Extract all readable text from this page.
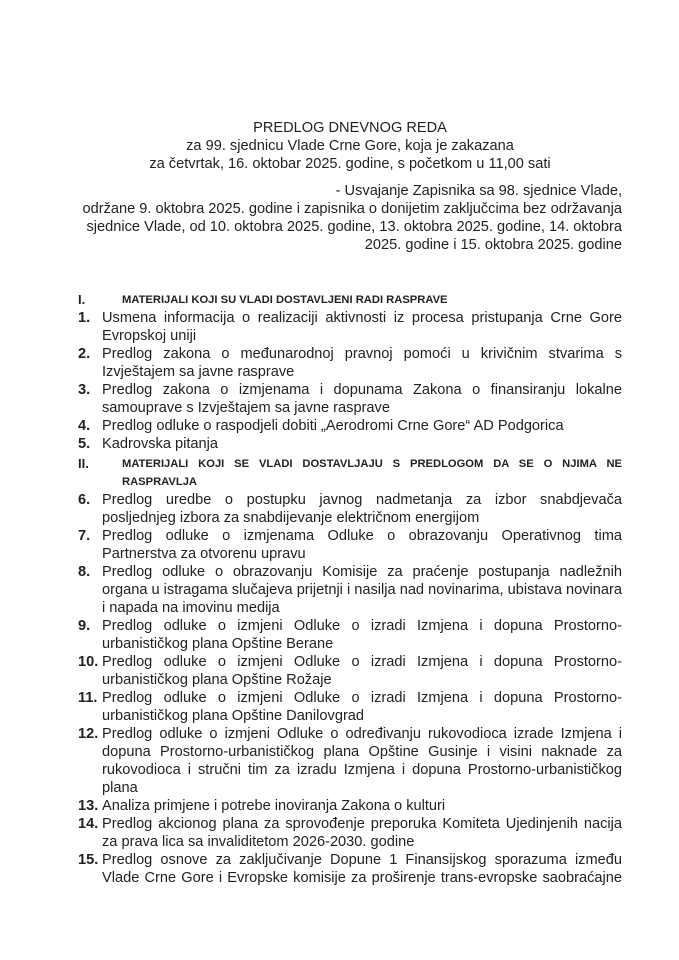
PREDLOG DNEVNOG REDA
za 99. sjednicu Vlade Crne Gore, koja je zakazana
za četvrtak, 16. oktobar 2025. godine, s početkom u 11,00 sati
- Usvajanje Zapisnika sa 98. sjednice Vlade,
održane 9. oktobra 2025. godine i zapisnika o donijetim zaključcima bez održavanja
sjednice Vlade, od 10. oktobra 2025. godine, 13. oktobra 2025. godine, 14. oktobra
2025. godine i 15. oktobra 2025. godine
I.	MATERIJALI KOJI SU VLADI DOSTAVLJENI RADI RASPRAVE
1. Usmena informacija o realizaciji aktivnosti iz procesa pristupanja Crne Gore Evropskoj uniji
2. Predlog zakona o međunarodnoj pravnoj pomoći u krivičnim stvarima s Izvještajem sa javne rasprave
3. Predlog zakona o izmjenama i dopunama Zakona o finansiranju lokalne samouprave s Izvještajem sa javne rasprave
4. Predlog odluke o raspodjeli dobiti „Aerodromi Crne Gore“ AD Podgorica
5. Kadrovska pitanja
II.	MATERIJALI KOJI SE VLADI DOSTAVLJAJU S PREDLOGOM DA SE O NJIMA NE RASPRAVLJA
6. Predlog uredbe o postupku javnog nadmetanja za izbor snabdjevača posljednjeg izbora za snabdijevanje električnom energijom
7. Predlog odluke o izmjenama Odluke o obrazovanju Operativnog tima Partnerstva za otvorenu upravu
8. Predlog odluke o obrazovanju Komisije za praćenje postupanja nadležnih organa u istragama slučajeva prijetnji i nasilja nad novinarima, ubistava novinara i napada na imovinu medija
9. Predlog odluke o izmjeni Odluke o izradi Izmjena i dopuna Prostorno-urbanističkog plana Opštine Berane
10. Predlog odluke o izmjeni Odluke o izradi Izmjena i dopuna Prostorno-urbanističkog plana Opštine Rožaje
11. Predlog odluke o izmjeni Odluke o izradi Izmjena i dopuna Prostorno-urbanističkog plana Opštine Danilovgrad
12. Predlog odluke o izmjeni Odluke o određivanju rukovodioca izrade Izmjena i dopuna Prostorno-urbanističkog plana Opštine Gusinje i visini naknade za rukovodioca i stručni tim za izradu Izmjena i dopuna Prostorno-urbanističkog plana
13. Analiza primjene i potrebe inoviranja Zakona o kulturi
14. Predlog akcionog plana za sprovođenje preporuka Komiteta Ujedinjenih nacija za prava lica sa invaliditetom 2026-2030. godine
15. Predlog osnove za zaključivanje Dopune 1 Finansijskog sporazuma između Vlade Crne Gore i Evropske komisije za proširenje trans-evropske saobraćajne
